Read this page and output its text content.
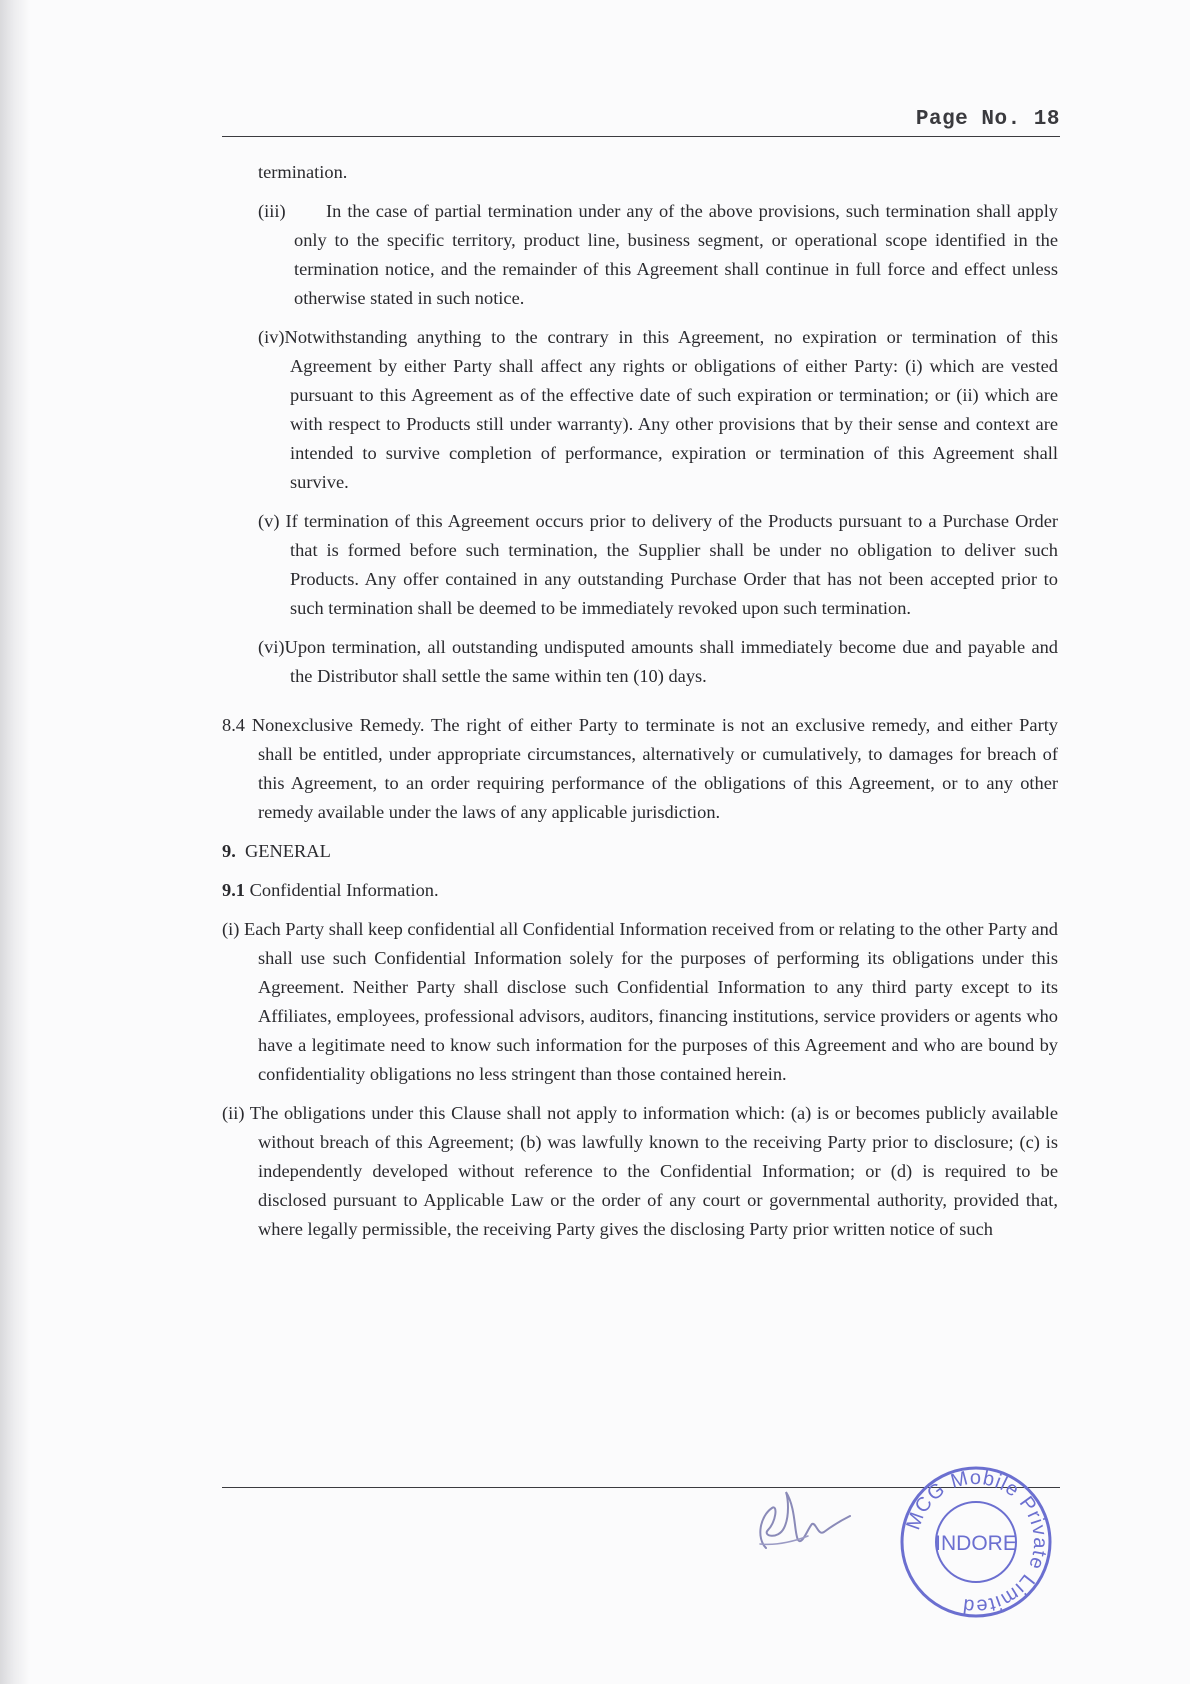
Page No. 18

termination.

(iii) In the case of partial termination under any of the above provisions, such termination shall apply only to the specific territory, product line, business segment, or operational scope identified in the termination notice, and the remainder of this Agreement shall continue in full force and effect unless otherwise stated in such notice.

(iv)Notwithstanding anything to the contrary in this Agreement, no expiration or termination of this Agreement by either Party shall affect any rights or obligations of either Party: (i) which are vested pursuant to this Agreement as of the effective date of such expiration or termination; or (ii) which are with respect to Products still under warranty). Any other provisions that by their sense and context are intended to survive completion of performance, expiration or termination of this Agreement shall survive.

(v) If termination of this Agreement occurs prior to delivery of the Products pursuant to a Purchase Order that is formed before such termination, the Supplier shall be under no obligation to deliver such Products. Any offer contained in any outstanding Purchase Order that has not been accepted prior to such termination shall be deemed to be immediately revoked upon such termination.

(vi)Upon termination, all outstanding undisputed amounts shall immediately become due and payable and the Distributor shall settle the same within ten (10) days.

8.4 Nonexclusive Remedy. The right of either Party to terminate is not an exclusive remedy, and either Party shall be entitled, under appropriate circumstances, alternatively or cumulatively, to damages for breach of this Agreement, to an order requiring performance of the obligations of this Agreement, or to any other remedy available under the laws of any applicable jurisdiction.

9. GENERAL

9.1 Confidential Information.

(i) Each Party shall keep confidential all Confidential Information received from or relating to the other Party and shall use such Confidential Information solely for the purposes of performing its obligations under this Agreement. Neither Party shall disclose such Confidential Information to any third party except to its Affiliates, employees, professional advisors, auditors, financing institutions, service providers or agents who have a legitimate need to know such information for the purposes of this Agreement and who are bound by confidentiality obligations no less stringent than those contained herein.

(ii) The obligations under this Clause shall not apply to information which: (a) is or becomes publicly available without breach of this Agreement; (b) was lawfully known to the receiving Party prior to disclosure; (c) is independently developed without reference to the Confidential Information; or (d) is required to be disclosed pursuant to Applicable Law or the order of any court or governmental authority, provided that, where legally permissible, the receiving Party gives the disclosing Party prior written notice of such

MCG Mobile Private Limited
INDORE
